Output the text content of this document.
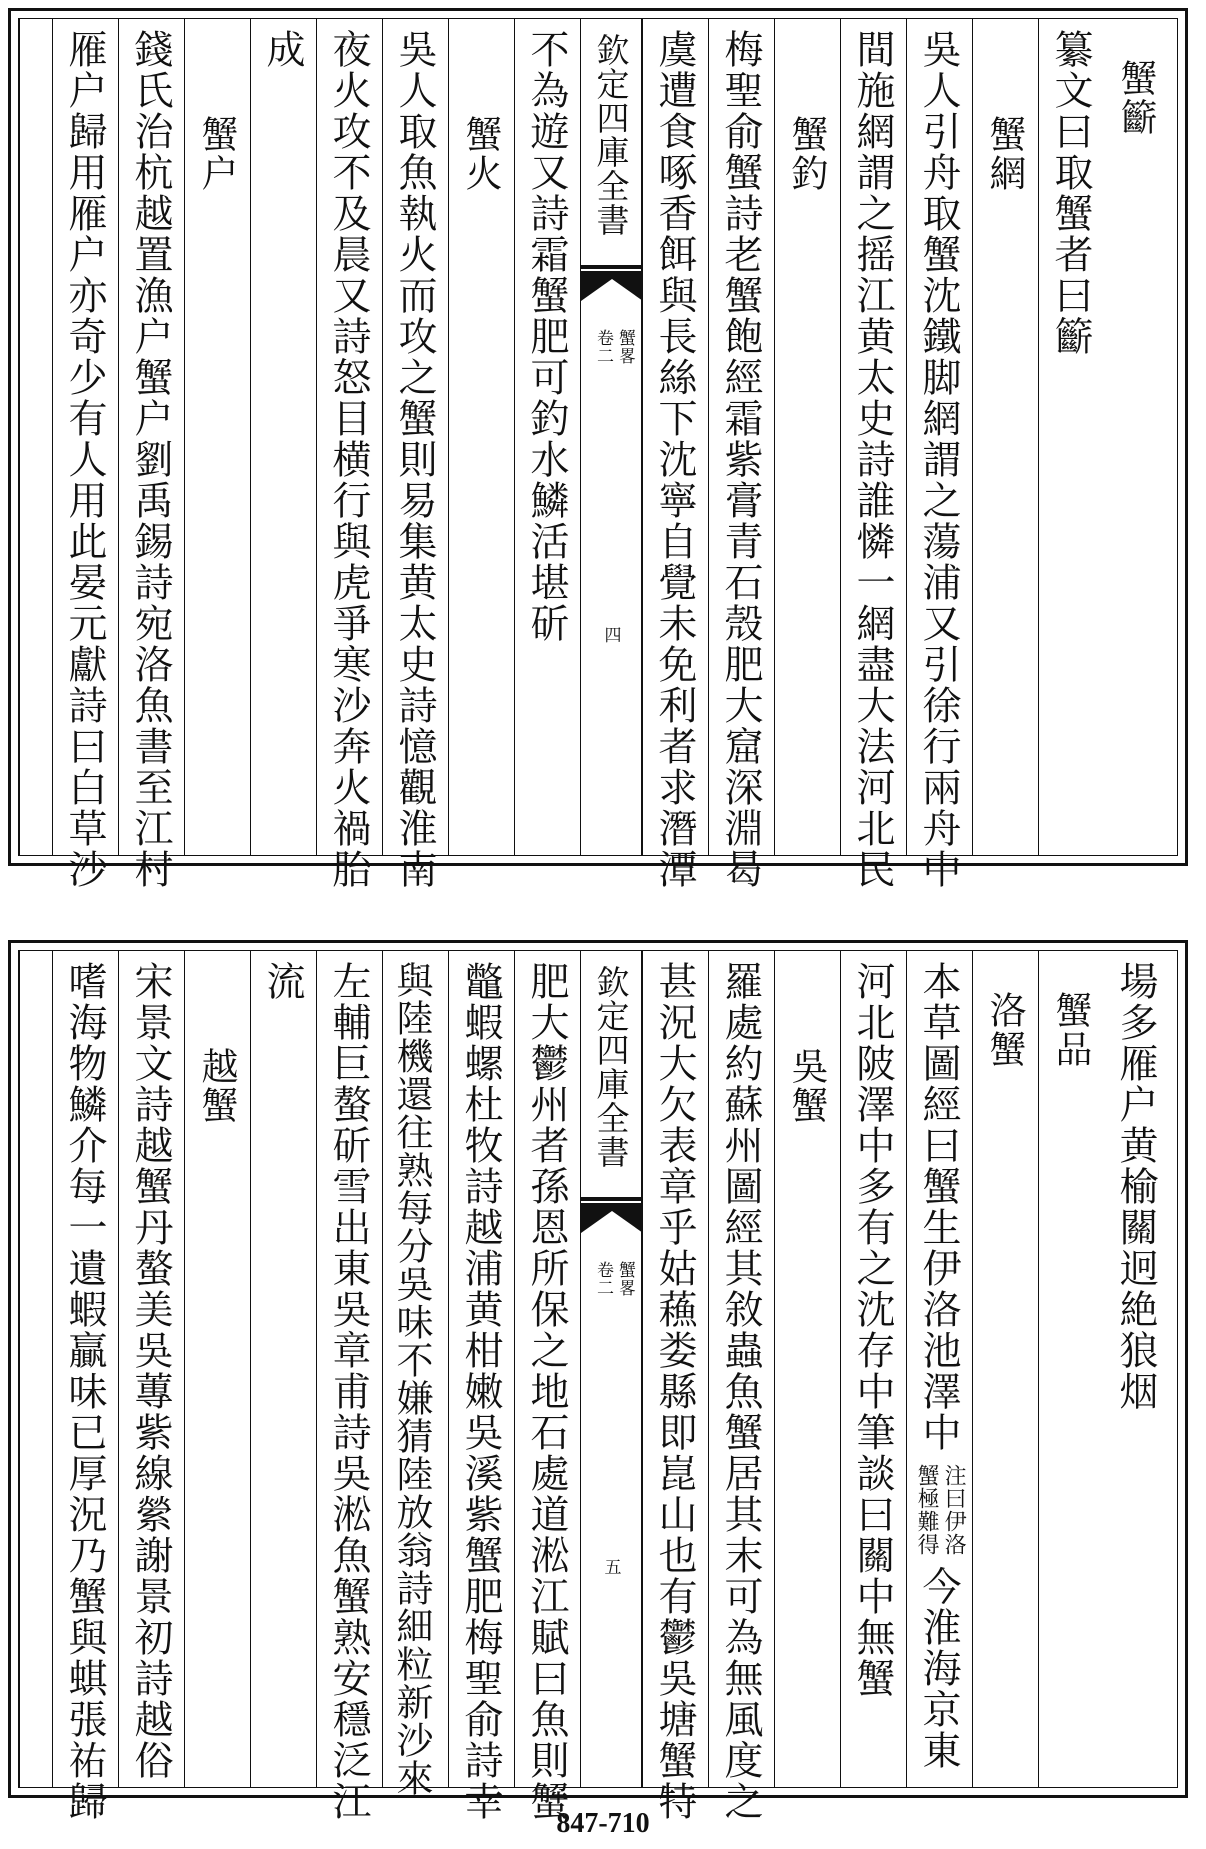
蟹籪
纂文曰取蟹者曰籪
蟹網
吳人引舟取蟹沈鐵脚網謂之蕩浦又引徐行兩舟中
間施網謂之摇江黄太史詩誰憐一網盡大法河北民
蟹釣
梅聖俞蟹詩老蟹飽經霜紫膏青石殼肥大窟深淵曷
虞遭食啄香餌與長絲下沈寧自覺未免利者求潛潭
欽定四庫全書
蟹畧
卷二
四
不為遊又詩霜蟹肥可釣水鱗活堪斫
蟹火
吳人取魚執火而攻之蟹則易集黄太史詩憶觀淮南
夜火攻不及晨又詩怒目横行與虎爭寒沙奔火禍胎
成
蟹户
錢氏治杭越置漁户蟹户劉禹錫詩宛洛魚書至江村
雁户歸用雁户亦奇少有人用此晏元獻詩曰白草沙
場多雁户黄榆關迥絶狼烟
蟹品
洛蟹
本草圖經曰蟹生伊洛池澤中
注曰伊洛
蟹極難得
今淮海京東
河北陂澤中多有之沈存中筆談曰關中無蟹
吳蟹
羅處約蘇州圖經其敘蟲魚蟹居其末可為無風度之
甚況大欠表章乎姑蘓娄縣即崑山也有鬱吳塘蟹特
欽定四庫全書
蟹畧
卷二
五
肥大鬱州者孫恩所保之地石處道淞江賦曰魚則蟹
鼈蝦螺杜牧詩越浦黄柑嫩吳溪紫蟹肥梅聖俞詩幸
與陸機還往熟每分吳味不嫌猜陸放翁詩細粒新沙來
左輔巨螯斫雪出東吳章甫詩吳淞魚蟹熟安穩泛江
流
越蟹
宋景文詩越蟹丹螯美吳蓴紫線縈謝景初詩越俗
嗜海物鱗介每一遺蝦贏味已厚況乃蟹與蜞張祐歸
847-710
